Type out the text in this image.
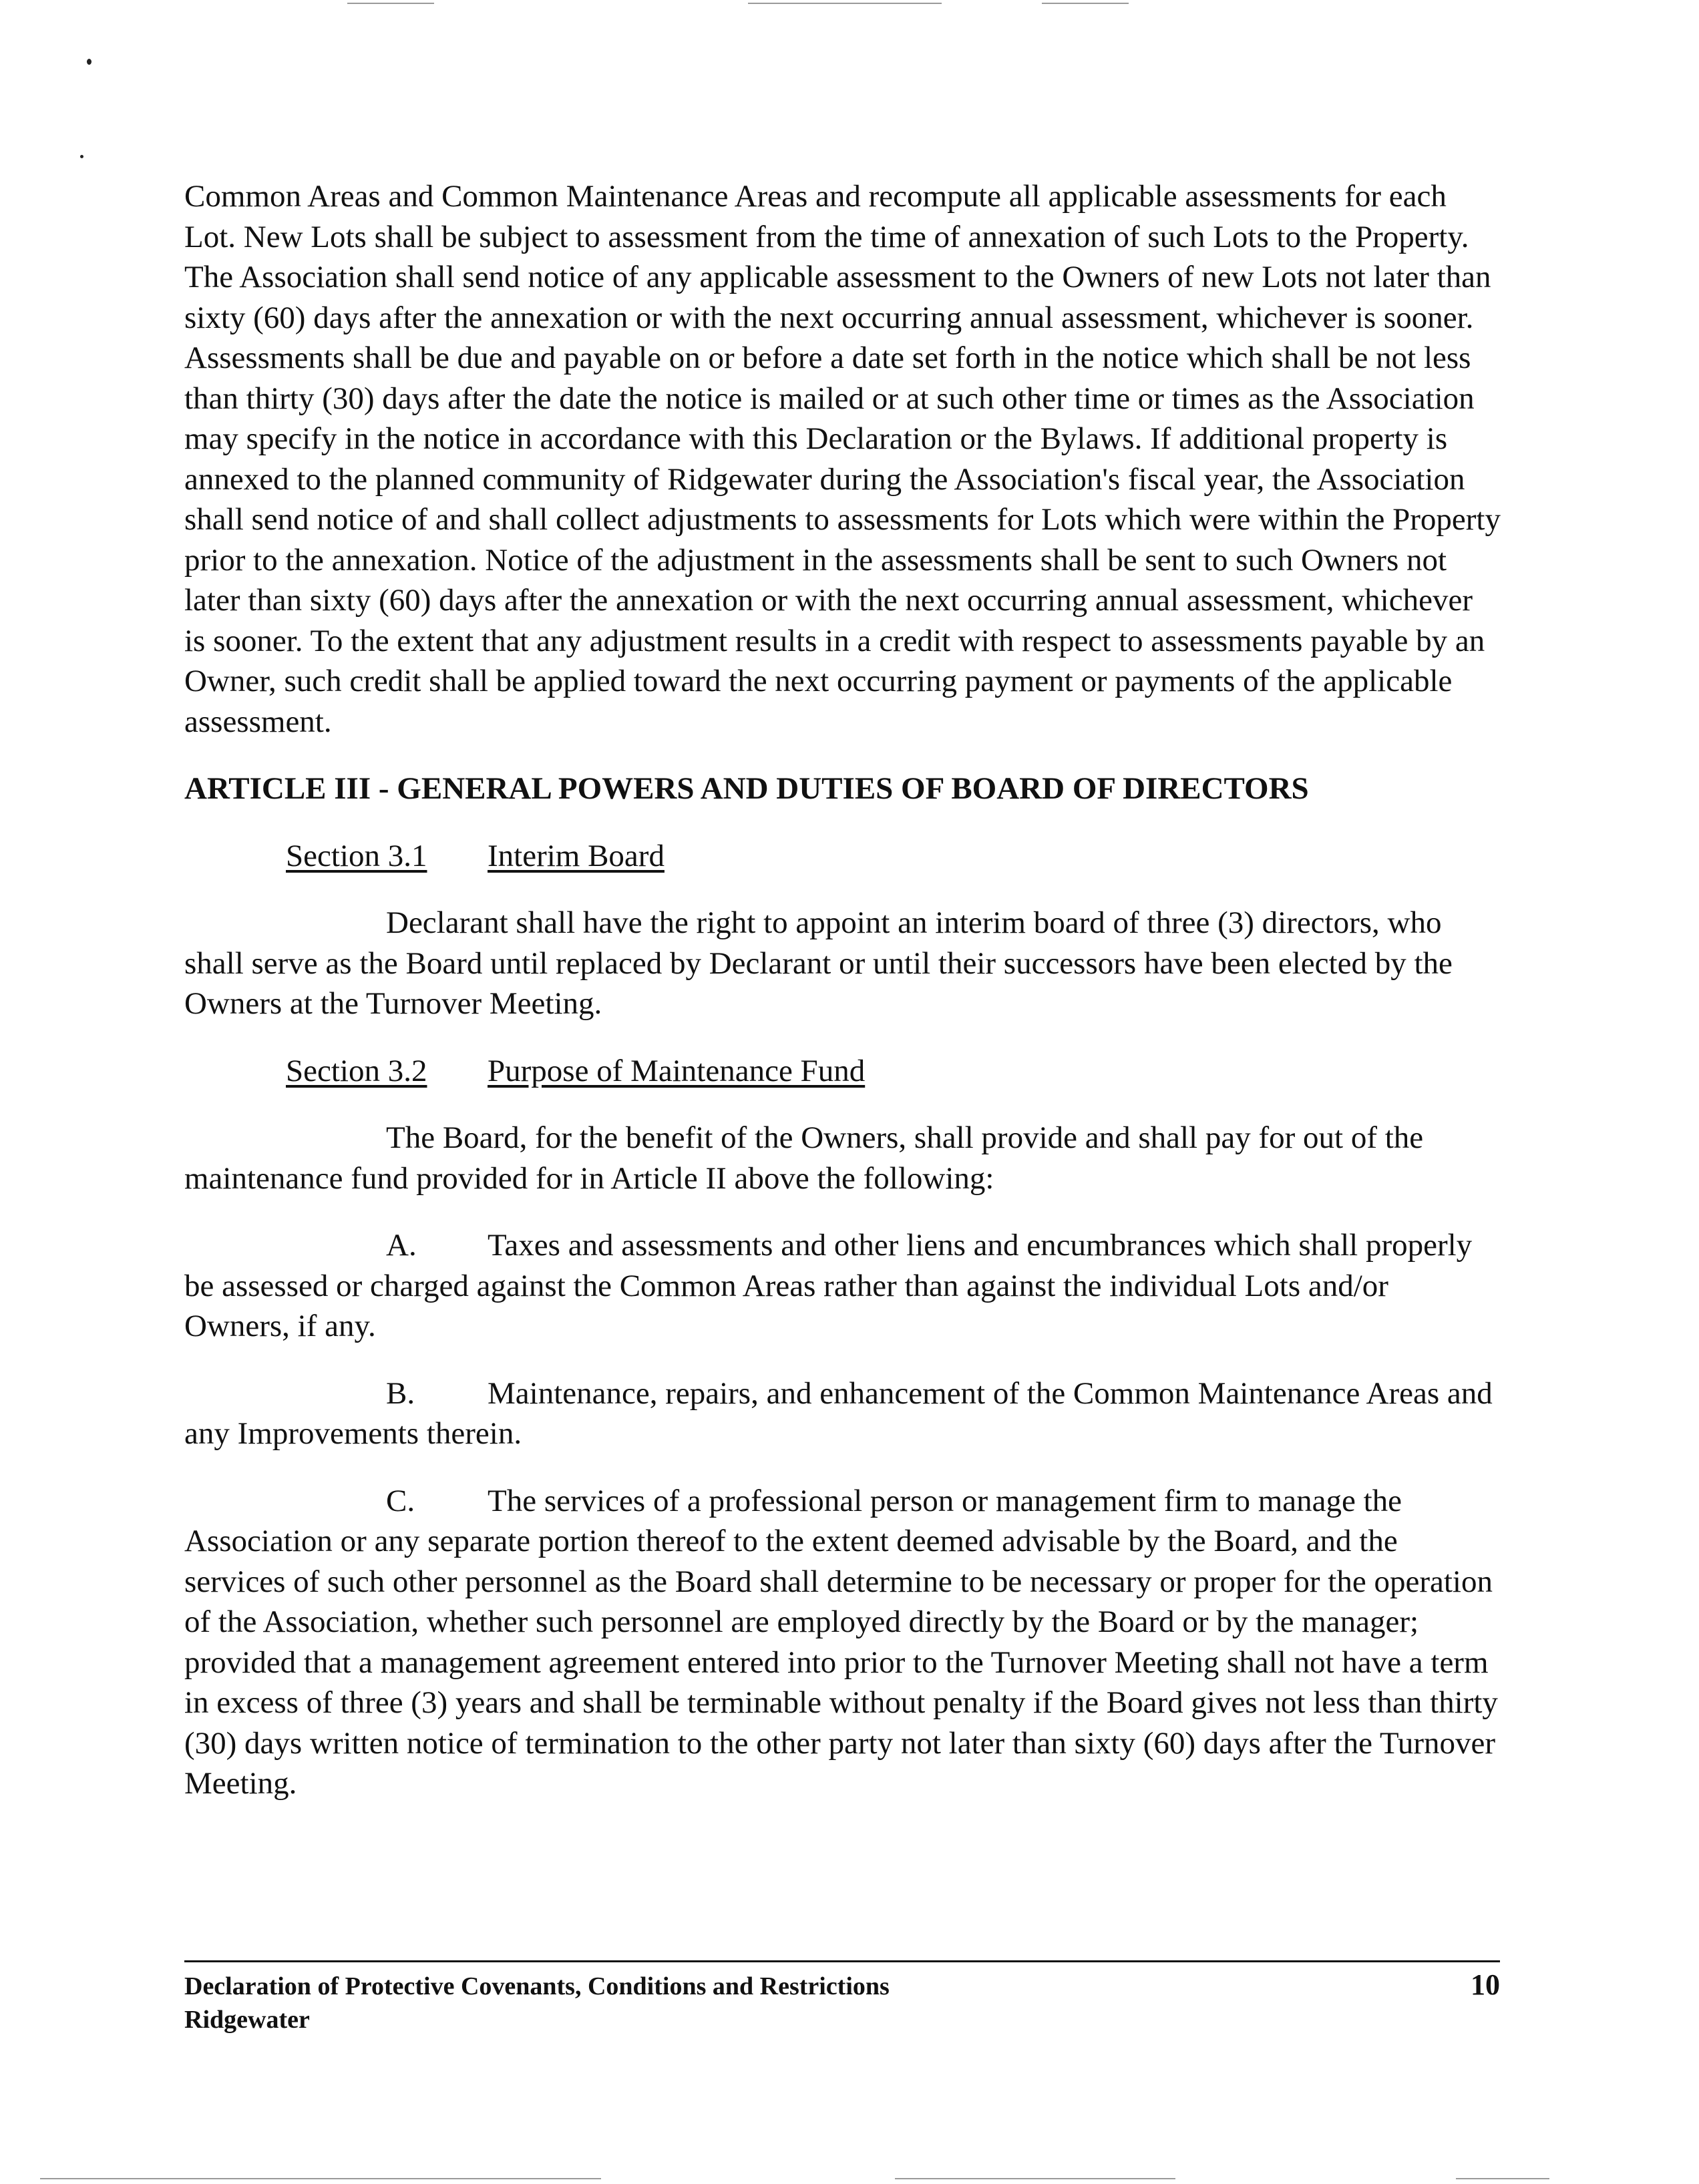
Common Areas and Common Maintenance Areas and recompute all applicable assessments for each Lot. New Lots shall be subject to assessment from the time of annexation of such Lots to the Property. The Association shall send notice of any applicable assessment to the Owners of new Lots not later than sixty (60) days after the annexation or with the next occurring annual assessment, whichever is sooner. Assessments shall be due and payable on or before a date set forth in the notice which shall be not less than thirty (30) days after the date the notice is mailed or at such other time or times as the Association may specify in the notice in accordance with this Declaration or the Bylaws. If additional property is annexed to the planned community of Ridgewater during the Association's fiscal year, the Association shall send notice of and shall collect adjustments to assessments for Lots which were within the Property prior to the annexation. Notice of the adjustment in the assessments shall be sent to such Owners not later than sixty (60) days after the annexation or with the next occurring annual assessment, whichever is sooner. To the extent that any adjustment results in a credit with respect to assessments payable by an Owner, such credit shall be applied toward the next occurring payment or payments of the applicable assessment.

ARTICLE III - GENERAL POWERS AND DUTIES OF BOARD OF DIRECTORS
Section 3.1	Interim Board

Declarant shall have the right to appoint an interim board of three (3) directors, who shall serve as the Board until replaced by Declarant or until their successors have been elected by the Owners at the Turnover Meeting.

Section 3.2	Purpose of Maintenance Fund

The Board, for the benefit of the Owners, shall provide and shall pay for out of the maintenance fund provided for in Article II above the following:

A. Taxes and assessments and other liens and encumbrances which shall properly be assessed or charged against the Common Areas rather than against the individual Lots and/or Owners, if any.

B. Maintenance, repairs, and enhancement of the Common Maintenance Areas and any Improvements therein.

C. The services of a professional person or management firm to manage the Association or any separate portion thereof to the extent deemed advisable by the Board, and the services of such other personnel as the Board shall determine to be necessary or proper for the operation of the Association, whether such personnel are employed directly by the Board or by the manager; provided that a management agreement entered into prior to the Turnover Meeting shall not have a term in excess of three (3) years and shall be terminable without penalty if the Board gives not less than thirty (30) days written notice of termination to the other party not later than sixty (60) days after the Turnover Meeting.

Declaration of Protective Covenants, Conditions and Restrictions
Ridgewater
10
